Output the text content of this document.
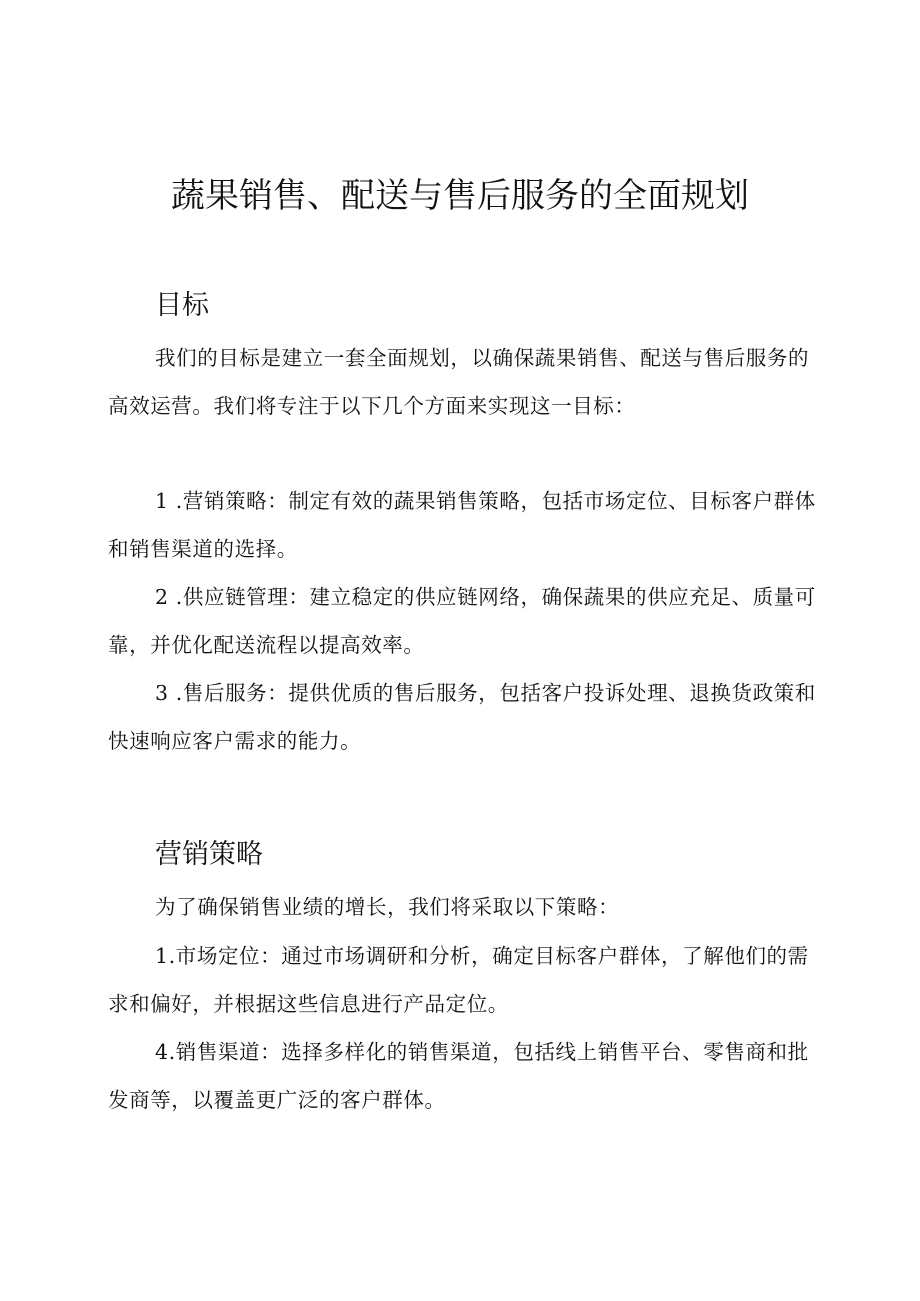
蔬果销售、配送与售后服务的全面规划
目标

我们的目标是建立一套全面规划，以确保蔬果销售、配送与售后服务的高效运营。我们将专注于以下几个方面来实现这一目标：

1 .营销策略：制定有效的蔬果销售策略，包括市场定位、目标客户群体和销售渠道的选择。

2 .供应链管理：建立稳定的供应链网络，确保蔬果的供应充足、质量可靠，并优化配送流程以提高效率。

3 .售后服务：提供优质的售后服务，包括客户投诉处理、退换货政策和快速响应客户需求的能力。

营销策略

为了确保销售业绩的增长，我们将采取以下策略：

1.市场定位：通过市场调研和分析，确定目标客户群体，了解他们的需求和偏好，并根据这些信息进行产品定位。

4.销售渠道：选择多样化的销售渠道，包括线上销售平台、零售商和批发商等，以覆盖更广泛的客户群体。
